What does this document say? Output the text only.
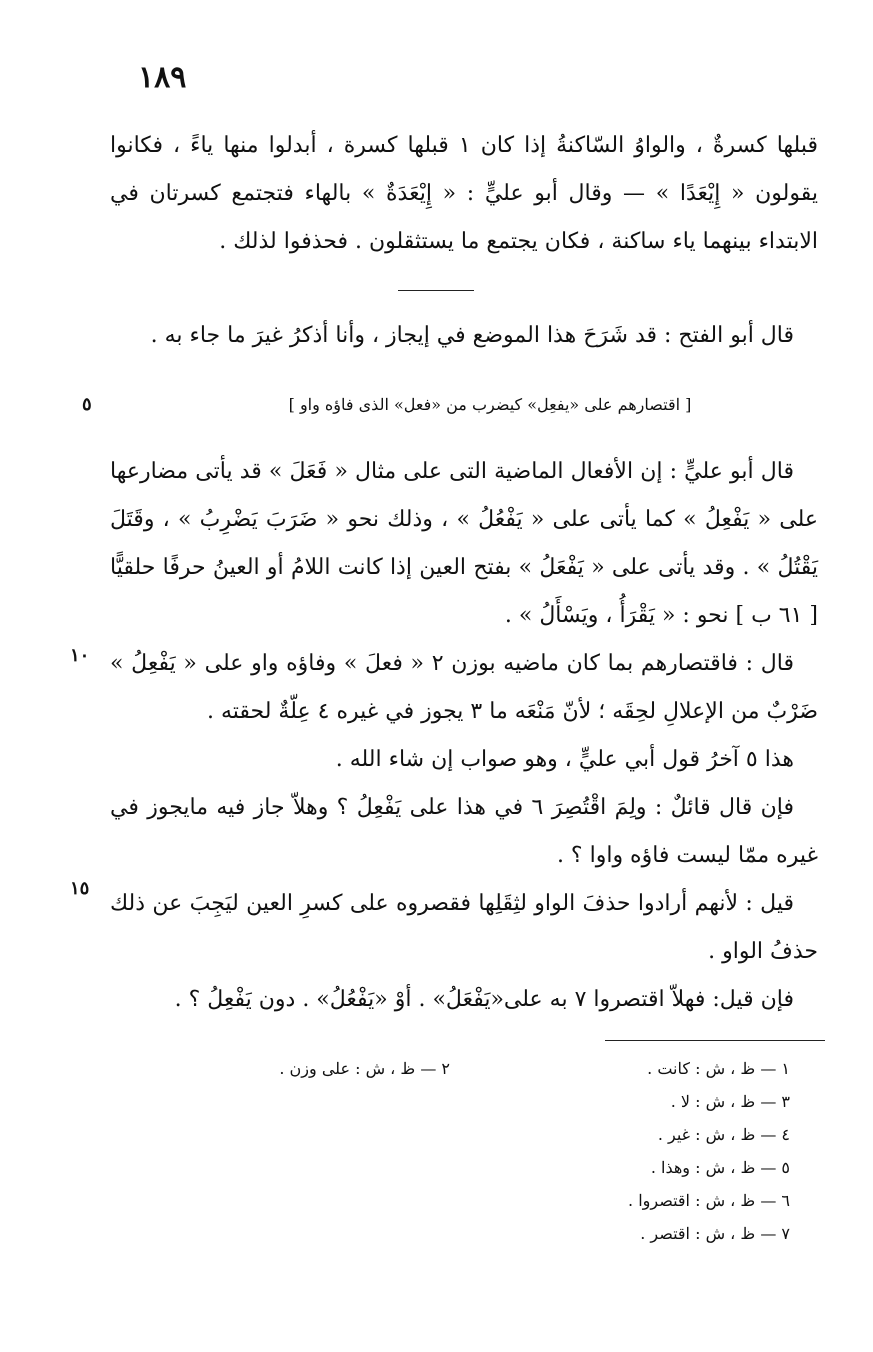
١٨٩

قبلها كسرةٌ ، والواوُ السّاكنةُ إذا كان ١ قبلها كسرة ، أبدلوا منها ياءً ، فكانوا يقولون « إِيْعَدًا » — وقال أبو عليٍّ : « إِيْعَدَةٌ » بالهاء فتجتمع كسرتان في الابتداء بينهما ياء ساكنة ، فكان يجتمع ما يستثقلون . فحذفوا لذلك .

قال أبو الفتح : قد شَرَحَ هذا الموضع في إيجاز ، وأنا أذكرُ غيرَ ما جاء به .

[ اقتصارهم على «يفعِل» كيضرب من «فعل» الذى فاؤه واو ]
٥

قال أبو عليٍّ : إن الأفعال الماضية التى على مثال « فَعَلَ » قد يأتى مضارعها على « يَفْعِلُ » كما يأتى على « يَفْعُلُ » ، وذلك نحو « ضَرَبَ يَضْرِبُ » ، وقَتَلَ يَقْتُلُ » . وقد يأتى على « يَفْعَلُ » بفتح العين إذا كانت اللامُ أو العينُ حرفًا حلقيًّا [ ٦١ ب ] نحو : « يَقْرَأُ ، ويَسْأَلُ » .

قال : فاقتصارهم بما كان ماضيه بوزن ٢ « فعلَ » وفاؤه واو على « يَفْعِلُ » ضَرْبٌ من الإعلالِ لحِقَه ؛ لأنّ مَنْعَه ما ٣ يجوز في غيره ٤ عِلّةٌ لحقته .

هذا ٥ آخرُ قول أبي عليٍّ ، وهو صواب إن شاء الله .

فإن قال قائلٌ : ولِمَ اقْتُصِرَ ٦ في هذا على يَفْعِلُ ؟ وهلاّ جاز فيه مايجوز في غيره ممّا ليست فاؤه واوا ؟ .

قيل : لأنهم أرادوا حذفَ الواو لثِقَلِها فقصروه على كسرِ العين ليَجِبَ عن ذلك حذفُ الواو .

فإن قيل: فهلاّ اقتصروا ٧ به على«يَفْعَلُ» . أوْ «يَفْعُلُ» . دون يَفْعِلُ ؟ .

١٠
١٥
١ — ظ ، ش : كانت .
٣ — ظ ، ش : لا .
٤ — ظ ، ش : غير .
٥ — ظ ، ش : وهذا .
٦ — ظ ، ش : اقتصروا .
٧ — ظ ، ش : اقتصر .
٢ — ظ ، ش : على وزن .
